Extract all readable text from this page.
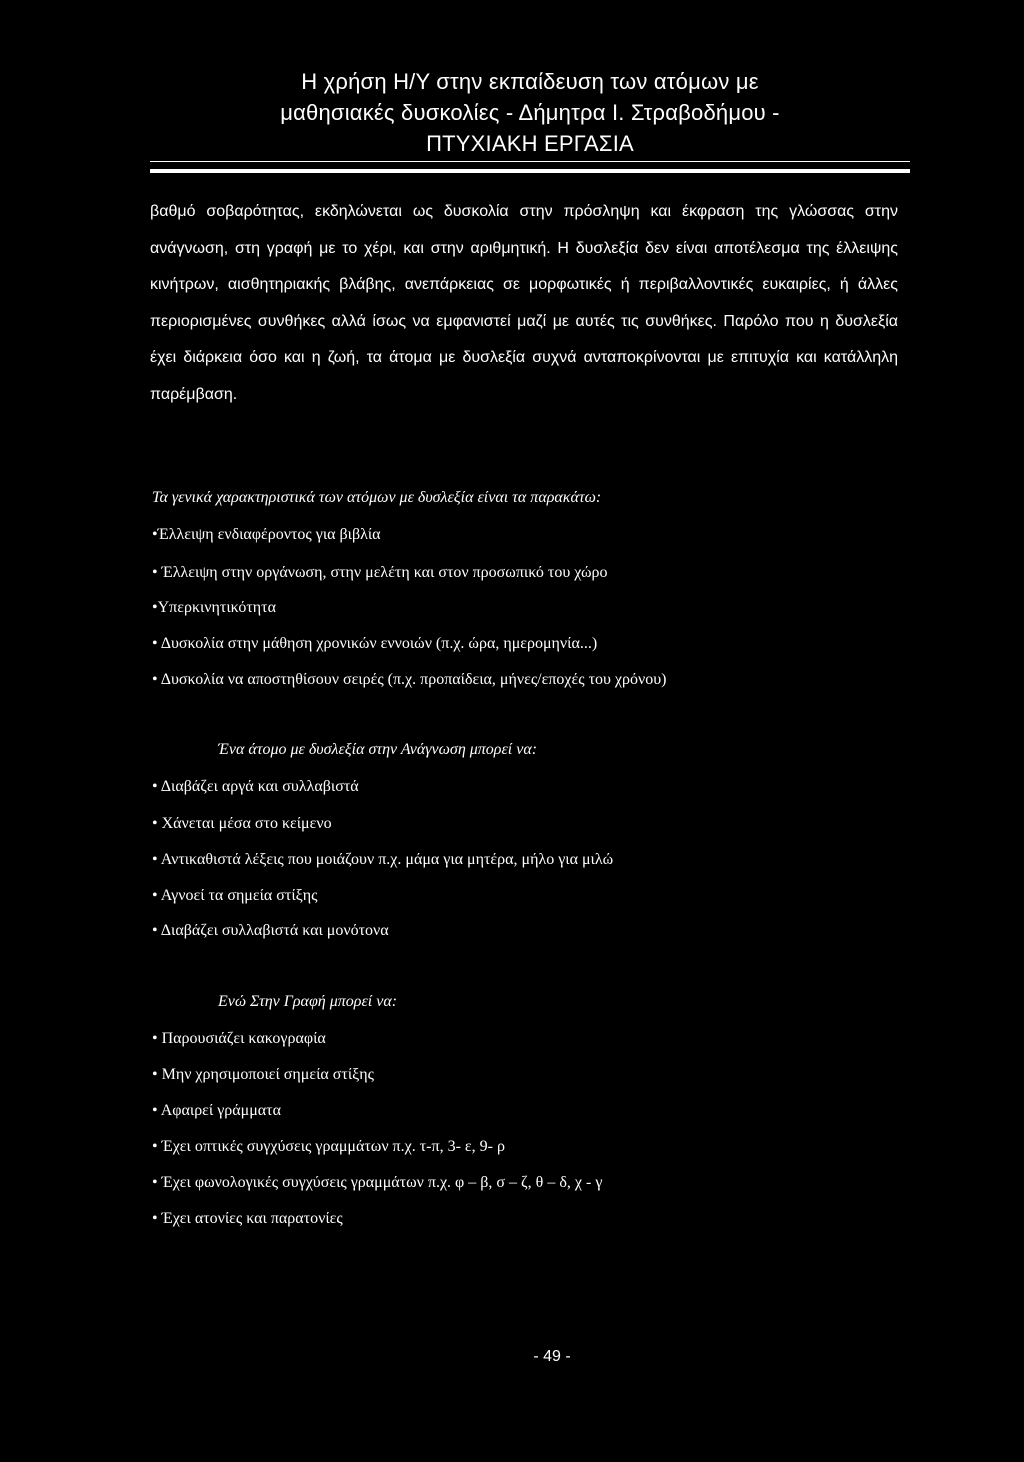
Η χρήση Η/Υ στην εκπαίδευση των ατόμων με
μαθησιακές δυσκολίες - Δήμητρα Ι. Στραβοδήμου -
ΠΤΥΧΙΑΚΗ ΕΡΓΑΣΙΑ

βαθμό σοβαρότητας, εκδηλώνεται ως δυσκολία στην πρόσληψη και έκφραση της γλώσσας στην ανάγνωση, στη γραφή με το χέρι, και στην αριθμητική. Η δυσλεξία δεν είναι αποτέλεσμα της έλλειψης κινήτρων, αισθητηριακής βλάβης, ανεπάρκειας σε μορφωτικές ή περιβαλλοντικές ευκαιρίες, ή άλλες περιορισμένες συνθήκες αλλά ίσως να εμφανιστεί μαζί με αυτές τις συνθήκες. Παρόλο που η δυσλεξία έχει διάρκεια όσο και η ζωή, τα άτομα με δυσλεξία συχνά ανταποκρίνονται με επιτυχία και κατάλληλη παρέμβαση.

Τα γενικά χαρακτηριστικά των ατόμων με δυσλεξία είναι τα παρακάτω:

•Έλλειψη ενδιαφέροντος για βιβλία

• Έλλειψη στην οργάνωση, στην μελέτη και στον προσωπικό του χώρο

•Υπερκινητικότητα

• Δυσκολία στην μάθηση χρονικών εννοιών (π.χ. ώρα, ημερομηνία...)

• Δυσκολία να αποστηθίσουν σειρές (π.χ. προπαίδεια, μήνες/εποχές του χρόνου)

Ένα άτομο με δυσλεξία στην Ανάγνωση μπορεί να:

• Διαβάζει αργά και συλλαβιστά

• Χάνεται μέσα στο κείμενο

• Αντικαθιστά λέξεις που μοιάζουν π.χ. μάμα για μητέρα, μήλο για μιλώ

• Αγνοεί τα σημεία στίξης

• Διαβάζει συλλαβιστά και μονότονα

Ενώ Στην Γραφή μπορεί να:

• Παρουσιάζει κακογραφία

• Μην χρησιμοποιεί σημεία στίξης

• Αφαιρεί γράμματα

• Έχει οπτικές συγχύσεις γραμμάτων π.χ. τ-π, 3- ε, 9- ρ

• Έχει φωνολογικές συγχύσεις γραμμάτων π.χ. φ – β, σ – ζ, θ – δ, χ - γ

• Έχει ατονίες και παρατονίες

- 49 -
